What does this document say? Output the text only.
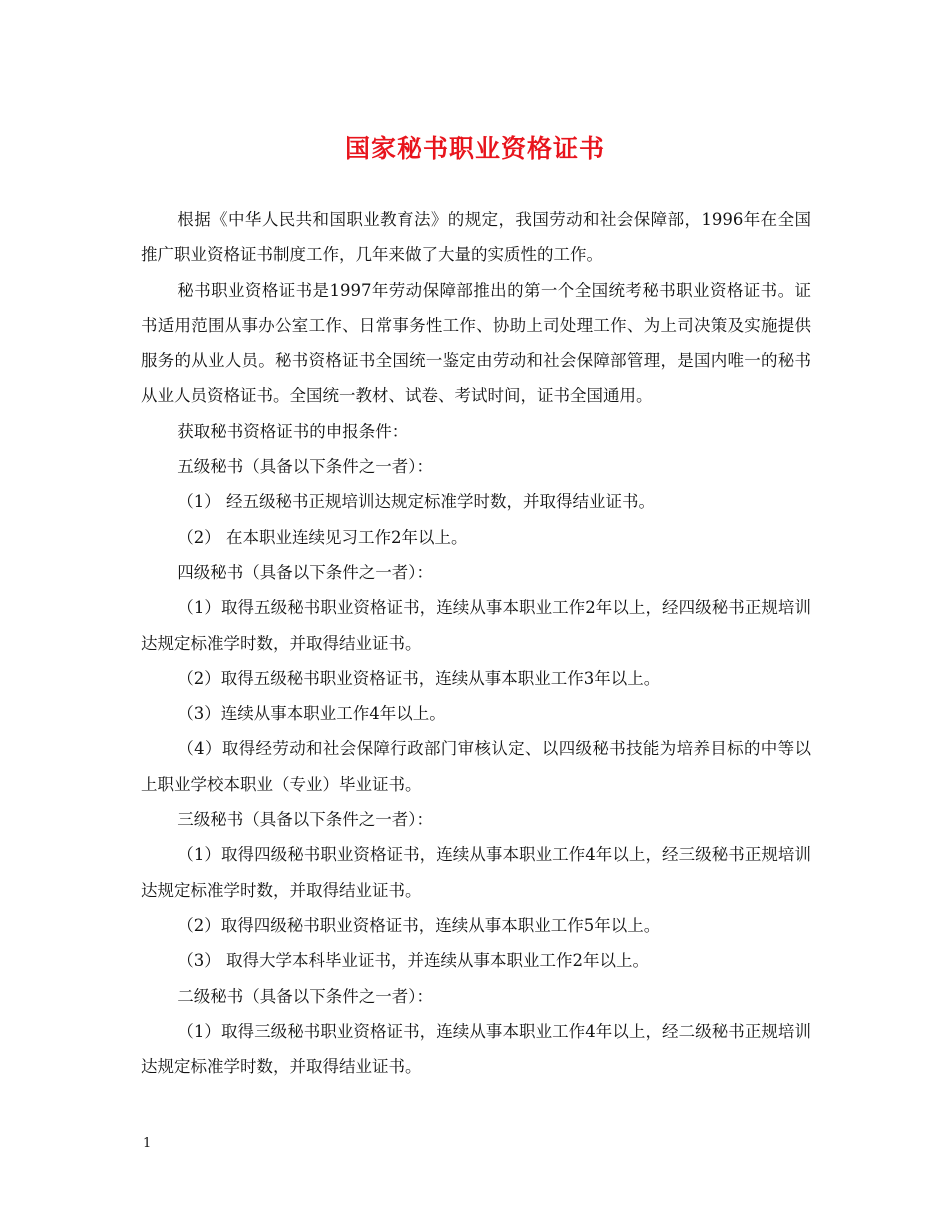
国家秘书职业资格证书

根据《中华人民共和国职业教育法》的规定，我国劳动和社会保障部，1996年在全国推广职业资格证书制度工作，几年来做了大量的实质性的工作。

秘书职业资格证书是1997年劳动保障部推出的第一个全国统考秘书职业资格证书。证书适用范围从事办公室工作、日常事务性工作、协助上司处理工作、为上司决策及实施提供服务的从业人员。秘书资格证书全国统一鉴定由劳动和社会保障部管理，是国内唯一的秘书从业人员资格证书。全国统一教材、试卷、考试时间，证书全国通用。

获取秘书资格证书的申报条件：

五级秘书（具备以下条件之一者）：

（1） 经五级秘书正规培训达规定标准学时数，并取得结业证书。

（2） 在本职业连续见习工作2年以上。

四级秘书（具备以下条件之一者）：

（1）取得五级秘书职业资格证书，连续从事本职业工作2年以上，经四级秘书正规培训达规定标准学时数，并取得结业证书。

（2）取得五级秘书职业资格证书，连续从事本职业工作3年以上。

（3）连续从事本职业工作4年以上。

（4）取得经劳动和社会保障行政部门审核认定、以四级秘书技能为培养目标的中等以上职业学校本职业（专业）毕业证书。

三级秘书（具备以下条件之一者）：

（1）取得四级秘书职业资格证书，连续从事本职业工作4年以上，经三级秘书正规培训达规定标准学时数，并取得结业证书。

（2）取得四级秘书职业资格证书，连续从事本职业工作5年以上。

（3） 取得大学本科毕业证书，并连续从事本职业工作2年以上。

二级秘书（具备以下条件之一者）：

（1）取得三级秘书职业资格证书，连续从事本职业工作4年以上，经二级秘书正规培训达规定标准学时数，并取得结业证书。

1
